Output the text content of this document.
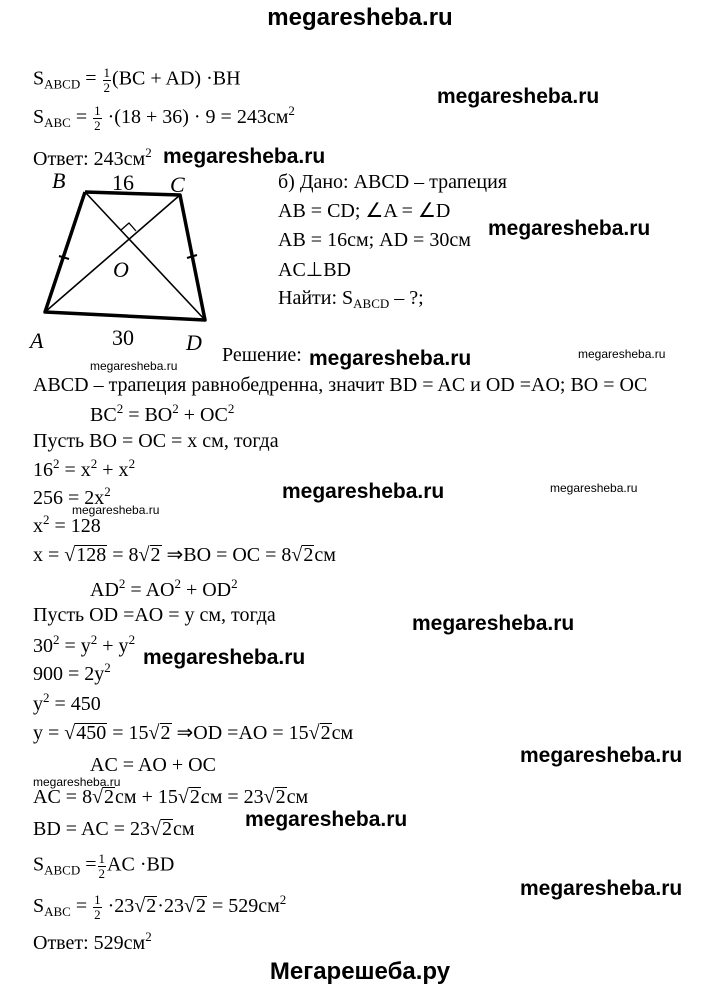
megaresheba.ru
$S_{ABCD} = \frac{1}{2} (BC + AD) \cdot BH$
$S_{ABC} = \frac{1}{2} \cdot(18 + 36) \cdot 9 = 243см^2$
Ответ: $243см^2$
B	C
16
O
A	30 D
б) Дано: ABCD – трапеция
AB = CD; ∠A = ∠D
AB = 16см; AD = 30см
AC⊥BD
Найти: $S_{ABCD}$ – ?;
Решение:
ABCD – трапеция равнобедренна, значит BD = AC и OD =AO; BO = OC
$BC^2 = BO^2 + OC^2$
Пусть BO = OC = x см, тогда
$16^2 = x^2 + x^2$
$256 = 2x^2$
$x^2 = 128$
x = √128 = 8√2 ⇒BO = OC = 8√2см
$AD^2 = AO^2 + OD^2$
Пусть OD =AO = y см, тогда
$30^2 = y^2 + y^2$
$900 = 2y^2$
$y^2 = 450$
y = √450 = 15√2 ⇒OD =AO = 15√2см
AC = AO + OC
AC = 8√2см + 15√2см = 23√2см
BD = AC = 23√2см
$S_{ABCD} = \frac{1}{2}$ AC ·BD
$S_{ABC} = \frac{1}{2} \cdot 23√2\cdot 23√2 = 529см^2$
Ответ: $529см^2$
megaresheba.ru
megaresheba.ru
megaresheba.ru
megaresheba.ru
megaresheba.ru
megaresheba.ru
megaresheba.ru	megaresheba.ru
megaresheba.ru
megaresheba.ru
megaresheba.ru
megaresheba.ru
megaresheba.ru
megaresheba.ru
megaresheba.ru
Мегарешеба.ру
